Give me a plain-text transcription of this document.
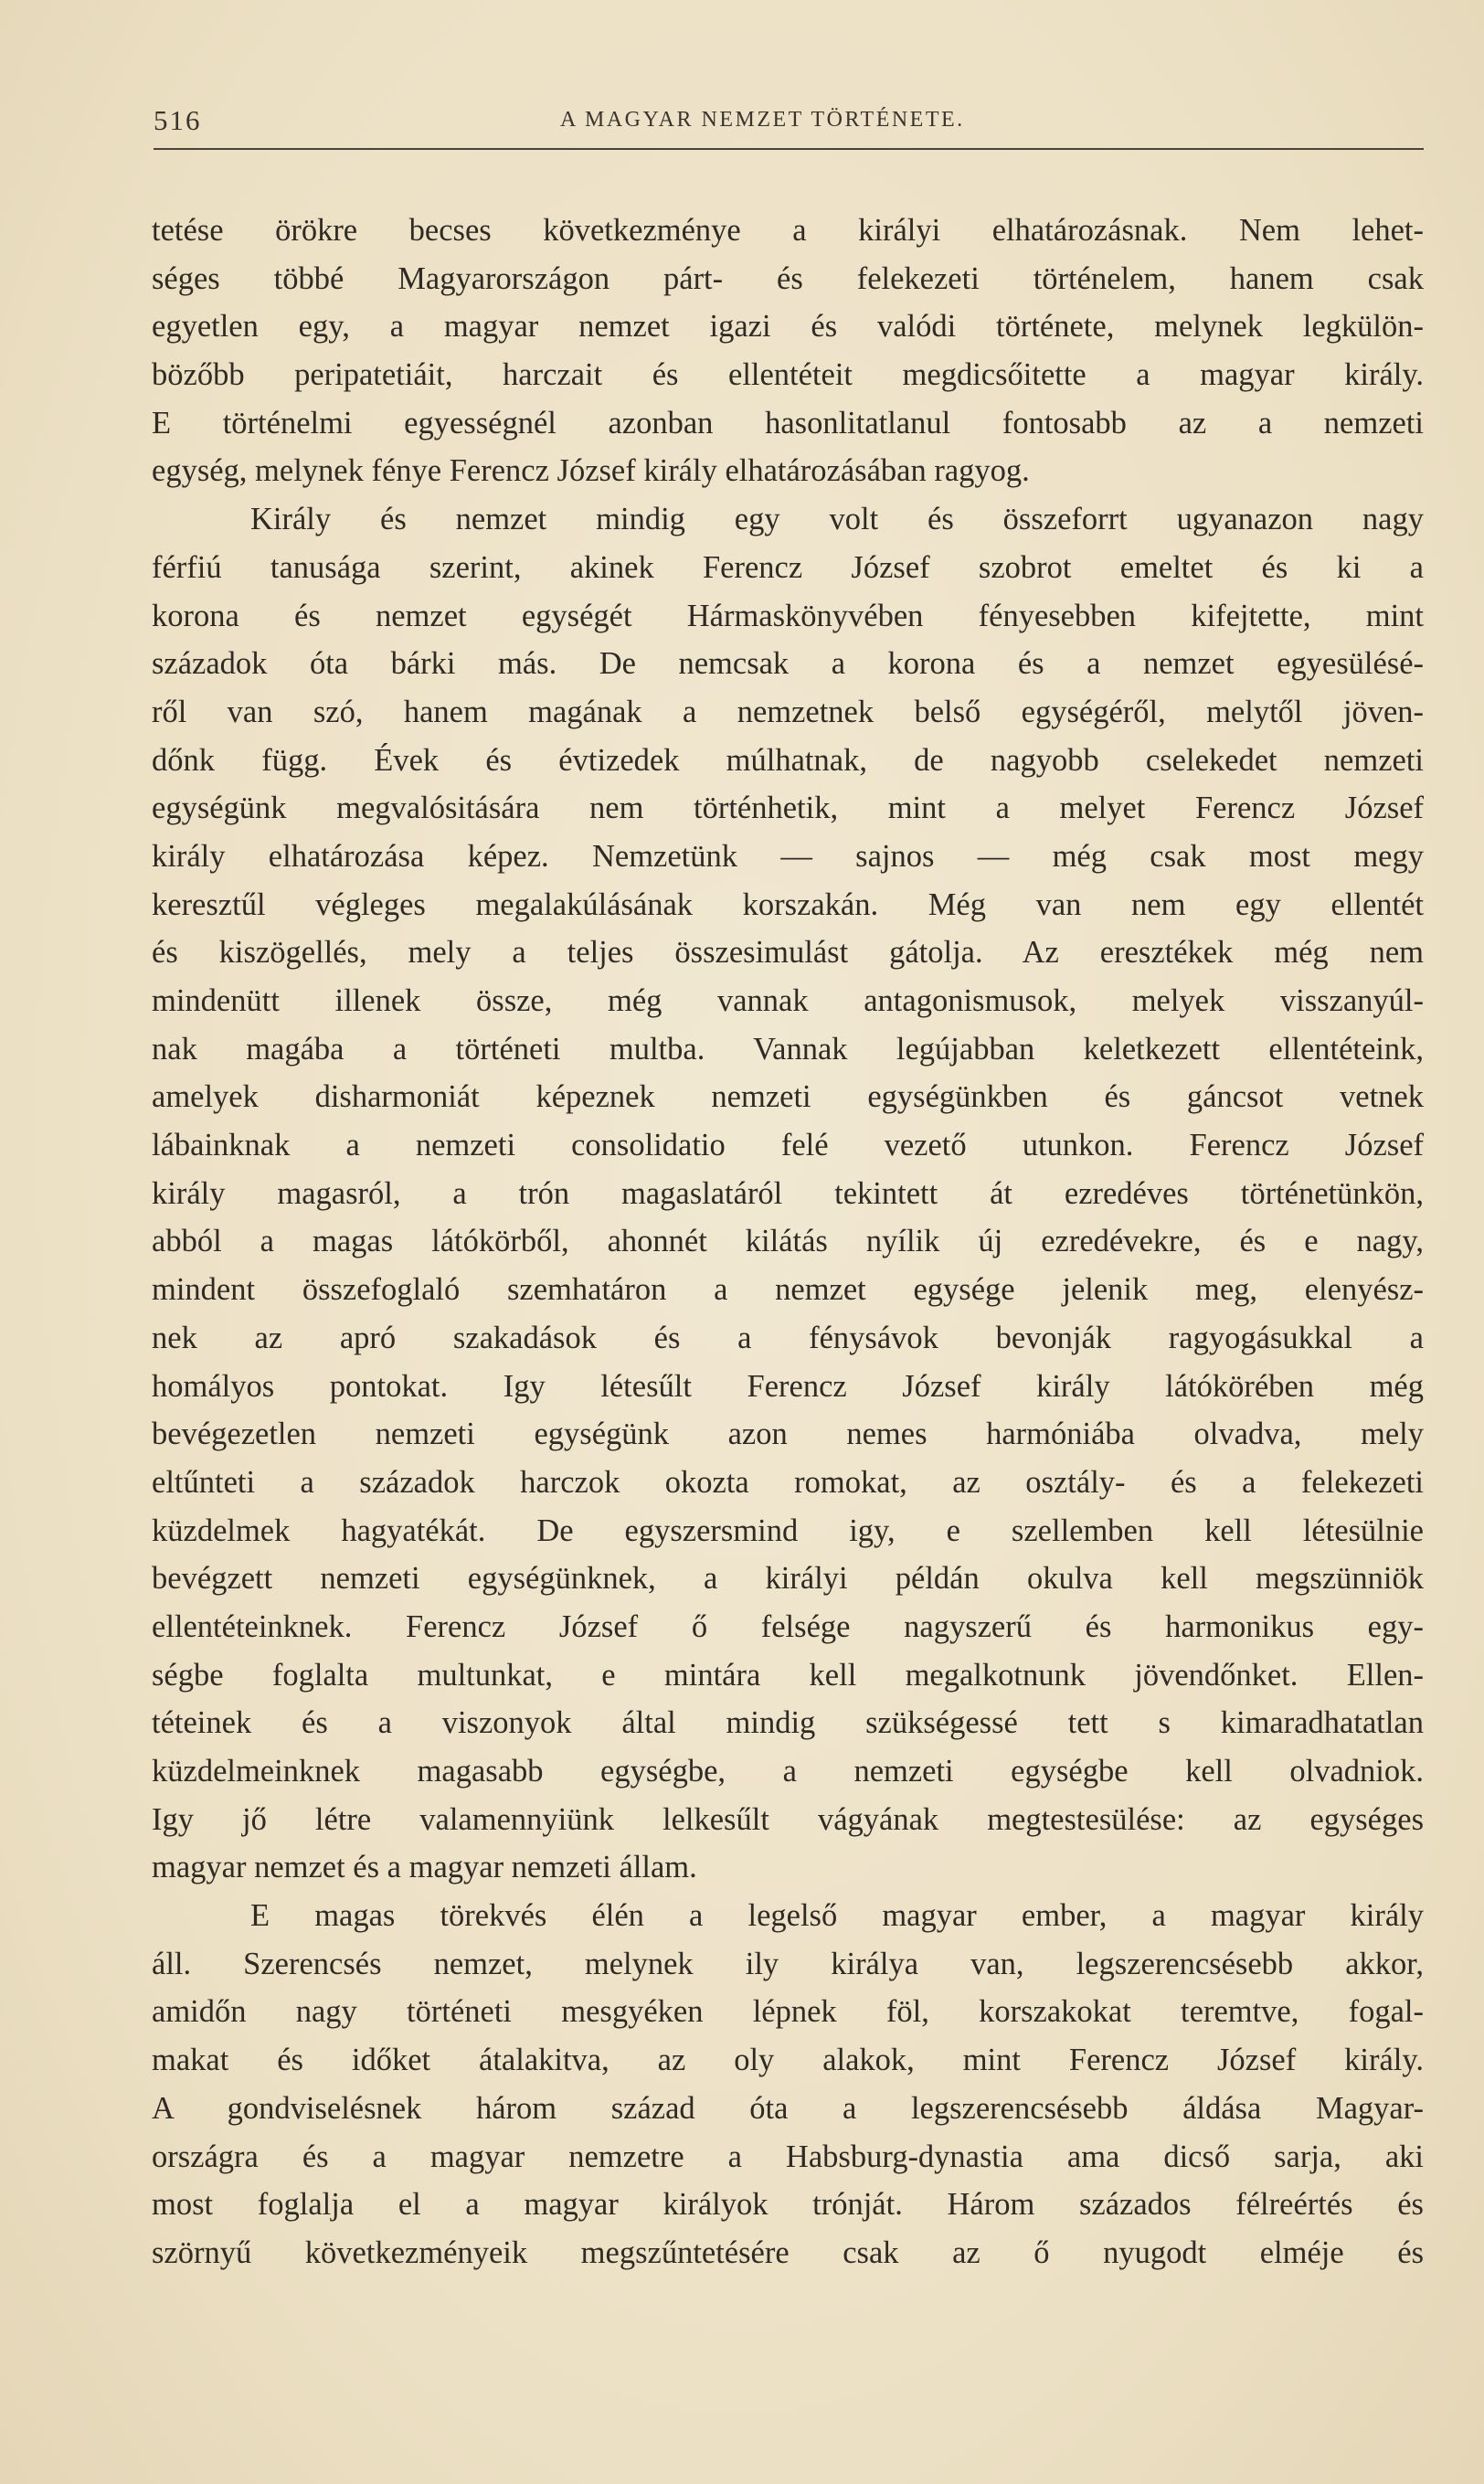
516	A MAGYAR NEMZET TÖRTÉNETE.
tetése örökre becses következménye a királyi elhatározásnak. Nem lehet-
séges többé Magyarországon párt- és felekezeti történelem, hanem csak
egyetlen egy, a magyar nemzet igazi és valódi története, melynek legkülön-
bözőbb peripatetiáit, harczait és ellentéteit megdicsőitette a magyar király.
E történelmi egyességnél azonban hasonlitatlanul fontosabb az a nemzeti
egység, melynek fénye Ferencz József király elhatározásában ragyog.
Király és nemzet mindig egy volt és összeforrt ugyanazon nagy
férfiú tanusága szerint, akinek Ferencz József szobrot emeltet és ki a
korona és nemzet egységét Hármaskönyvében fényesebben kifejtette, mint
századok óta bárki más. De nemcsak a korona és a nemzet egyesülésé-
ről van szó, hanem magának a nemzetnek belső egységéről, melytől jöven-
dőnk függ. Évek és évtizedek múlhatnak, de nagyobb cselekedet nemzeti
egységünk megvalósitására nem történhetik, mint a melyet Ferencz József
király elhatározása képez. Nemzetünk — sajnos — még csak most megy
keresztűl végleges megalakúlásának korszakán. Még van nem egy ellentét
és kiszögellés, mely a teljes összesimulást gátolja. Az eresztékek még nem
mindenütt illenek össze, még vannak antagonismusok, melyek visszanyúl-
nak magába a történeti multba. Vannak legújabban keletkezett ellentéteink,
amelyek disharmoniát képeznek nemzeti egységünkben és gáncsot vetnek
lábainknak a nemzeti consolidatio felé vezető utunkon. Ferencz József
király magasról, a trón magaslatáról tekintett át ezredéves történetünkön,
abból a magas látókörből, ahonnét kilátás nyílik új ezredévekre, és e nagy,
mindent összefoglaló szemhatáron a nemzet egysége jelenik meg, elenyész-
nek az apró szakadások és a fénysávok bevonják ragyogásukkal a
homályos pontokat. Igy létesűlt Ferencz József király látókörében még
bevégezetlen nemzeti egységünk azon nemes harmóniába olvadva, mely
eltűnteti a századok harczok okozta romokat, az osztály- és a felekezeti
küzdelmek hagyatékát. De egyszersmind igy, e szellemben kell létesülnie
bevégzett nemzeti egységünknek, a királyi példán okulva kell megszünniök
ellentéteinknek. Ferencz József ő felsége nagyszerű és harmonikus egy-
ségbe foglalta multunkat, e mintára kell megalkotnunk jövendőnket. Ellen-
téteinek és a viszonyok által mindig szükségessé tett s kimaradhatatlan
küzdelmeinknek magasabb egységbe, a nemzeti egységbe kell olvadniok.
Igy jő létre valamennyiünk lelkesűlt vágyának megtestesülése: az egységes
magyar nemzet és a magyar nemzeti állam.
E magas törekvés élén a legelső magyar ember, a magyar király
áll. Szerencsés nemzet, melynek ily királya van, legszerencsésebb akkor,
amidőn nagy történeti mesgyéken lépnek föl, korszakokat teremtve, fogal-
makat és időket átalakitva, az oly alakok, mint Ferencz József király.
A gondviselésnek három század óta a legszerencsésebb áldása Magyar-
országra és a magyar nemzetre a Habsburg-dynastia ama dicső sarja, aki
most foglalja el a magyar királyok trónját. Három százados félreértés és
szörnyű következményeik megszűntetésére csak az ő nyugodt elméje és
